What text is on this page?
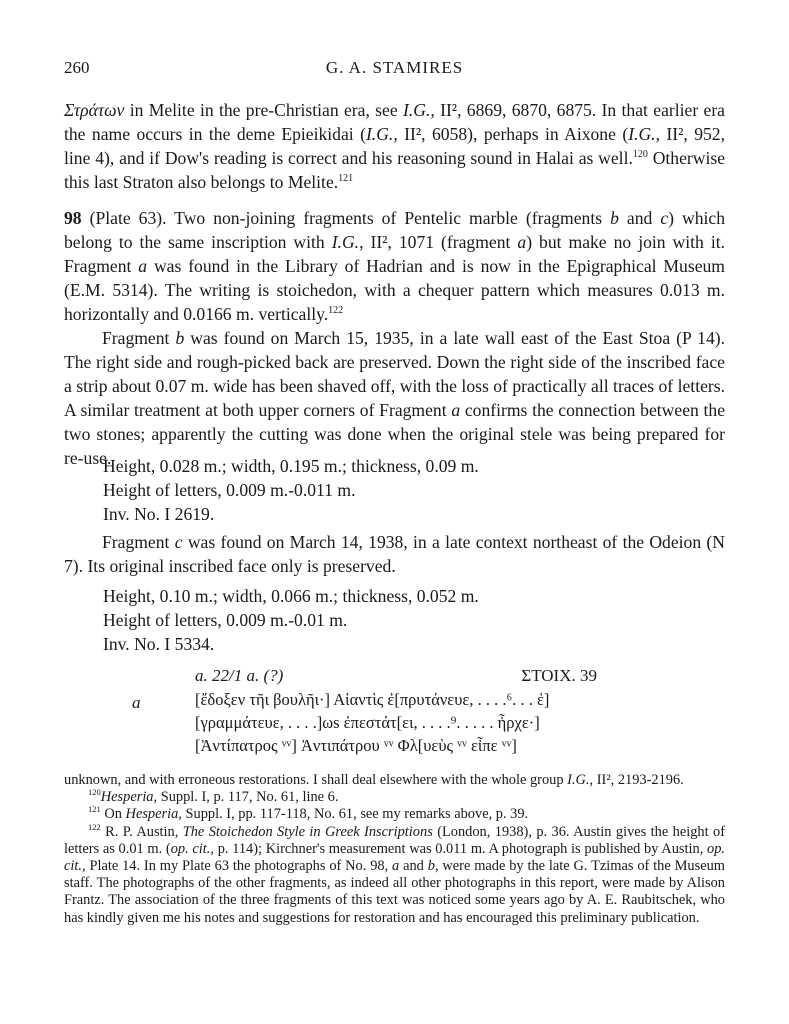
260	G. A. STAMIRES

Στράτων in Melite in the pre-Christian era, see I.G., II², 6869, 6870, 6875. In that earlier era the name occurs in the deme Epieikidai (I.G., II², 6058), perhaps in Aixone (I.G., II², 952, line 4), and if Dow's reading is correct and his reasoning sound in Halai as well.$^{120}$ Otherwise this last Straton also belongs to Melite.$^{121}$

98 (Plate 63). Two non-joining fragments of Pentelic marble (fragments b and c) which belong to the same inscription with I.G., II², 1071 (fragment a) but make no join with it. Fragment a was found in the Library of Hadrian and is now in the Epigraphical Museum (E.M. 5314). The writing is stoichedon, with a chequer pattern which measures 0.013 m. horizontally and 0.0166 m. vertically.$^{122}$

Fragment b was found on March 15, 1935, in a late wall east of the East Stoa (P 14). The right side and rough-picked back are preserved. Down the right side of the inscribed face a strip about 0.07 m. wide has been shaved off, with the loss of practically all traces of letters. A similar treatment at both upper corners of Fragment a confirms the connection between the two stones; apparently the cutting was done when the original stele was being prepared for re-use.

Height, 0.028 m.; width, 0.195 m.; thickness, 0.09 m.
Height of letters, 0.009 m.-0.011 m.
Inv. No. I 2619.

Fragment c was found on March 14, 1938, in a late context northeast of the Odeion (N 7). Its original inscribed face only is preserved.

Height, 0.10 m.; width, 0.066 m.; thickness, 0.052 m.
Height of letters, 0.009 m.-0.01 m.
Inv. No. I 5334.
a. 22/1 a. (?)	ΣΤΟΙΧ. 39
a	[ἔδοξεν τῆι βουλῆι·] Αἰαντὶς ἐ[πρυτάνευε, . . . .⁶. . . ἐ]
[γραμμάτευε, . . . .]ωs ἐπεστάτ[ει, . . . .⁹. . . . . ἦρχε·]
[Ἀντίπατρος ᵛᵛ] Ἀντιπάτρου ᵛᵛ Φλ[υεὺς ᵛᵛ εἶπε ᵛᵛ]

unknown, and with erroneous restorations. I shall deal elsewhere with the whole group I.G., II², 2193-2196.

$^{120}$Hesperia, Suppl. I, p. 117, No. 61, line 6.

$^{121}$ On Hesperia, Suppl. I, pp. 117-118, No. 61, see my remarks above, p. 39.

$^{122}$ R. P. Austin, The Stoichedon Style in Greek Inscriptions (London, 1938), p. 36. Austin gives the height of letters as 0.01 m. (op. cit., p. 114); Kirchner's measurement was 0.011 m. A photograph is published by Austin, op. cit., Plate 14. In my Plate 63 the photographs of No. 98, a and b, were made by the late G. Tzimas of the Museum staff. The photographs of the other fragments, as indeed all other photographs in this report, were made by Alison Frantz. The association of the three fragments of this text was noticed some years ago by A. E. Raubitschek, who has kindly given me his notes and suggestions for restoration and has encouraged this preliminary publication.
